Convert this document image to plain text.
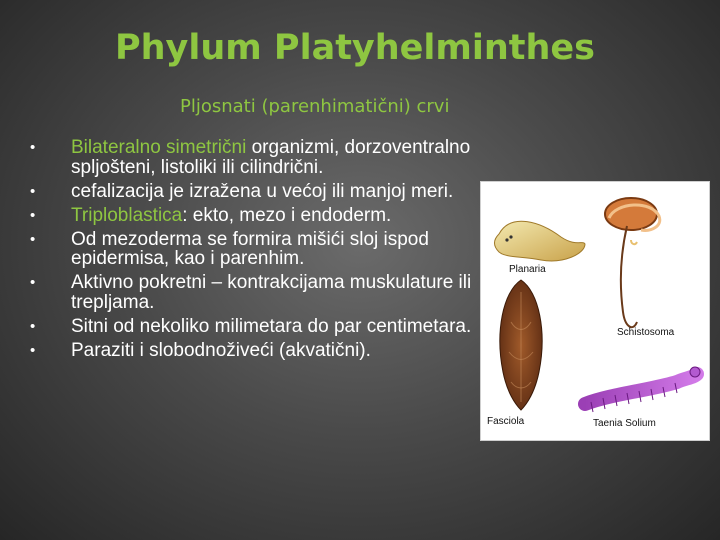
Phylum Platyhelminthes
Pljosnati (parenhimatični) crvi
• Bilateralno simetrični organizmi, dorzoventralno spljošteni, listoliki ili cilindrični.
• cefalizacija je izražena u većoj ili manjoj meri.
• Triploblastica: ekto, mezo i endoderm.
• Od mezoderma se formira mišići sloj ispod epidermisa, kao i parenhim.
• Aktivno pokretni – kontrakcijama muskulature ili trepljama.
• Sitni od nekoliko milimetara do par centimetara.
• Paraziti i slobodnoživeći (akvatični).
Planaria
Schistosoma
Fasciola	Taenia Solium
